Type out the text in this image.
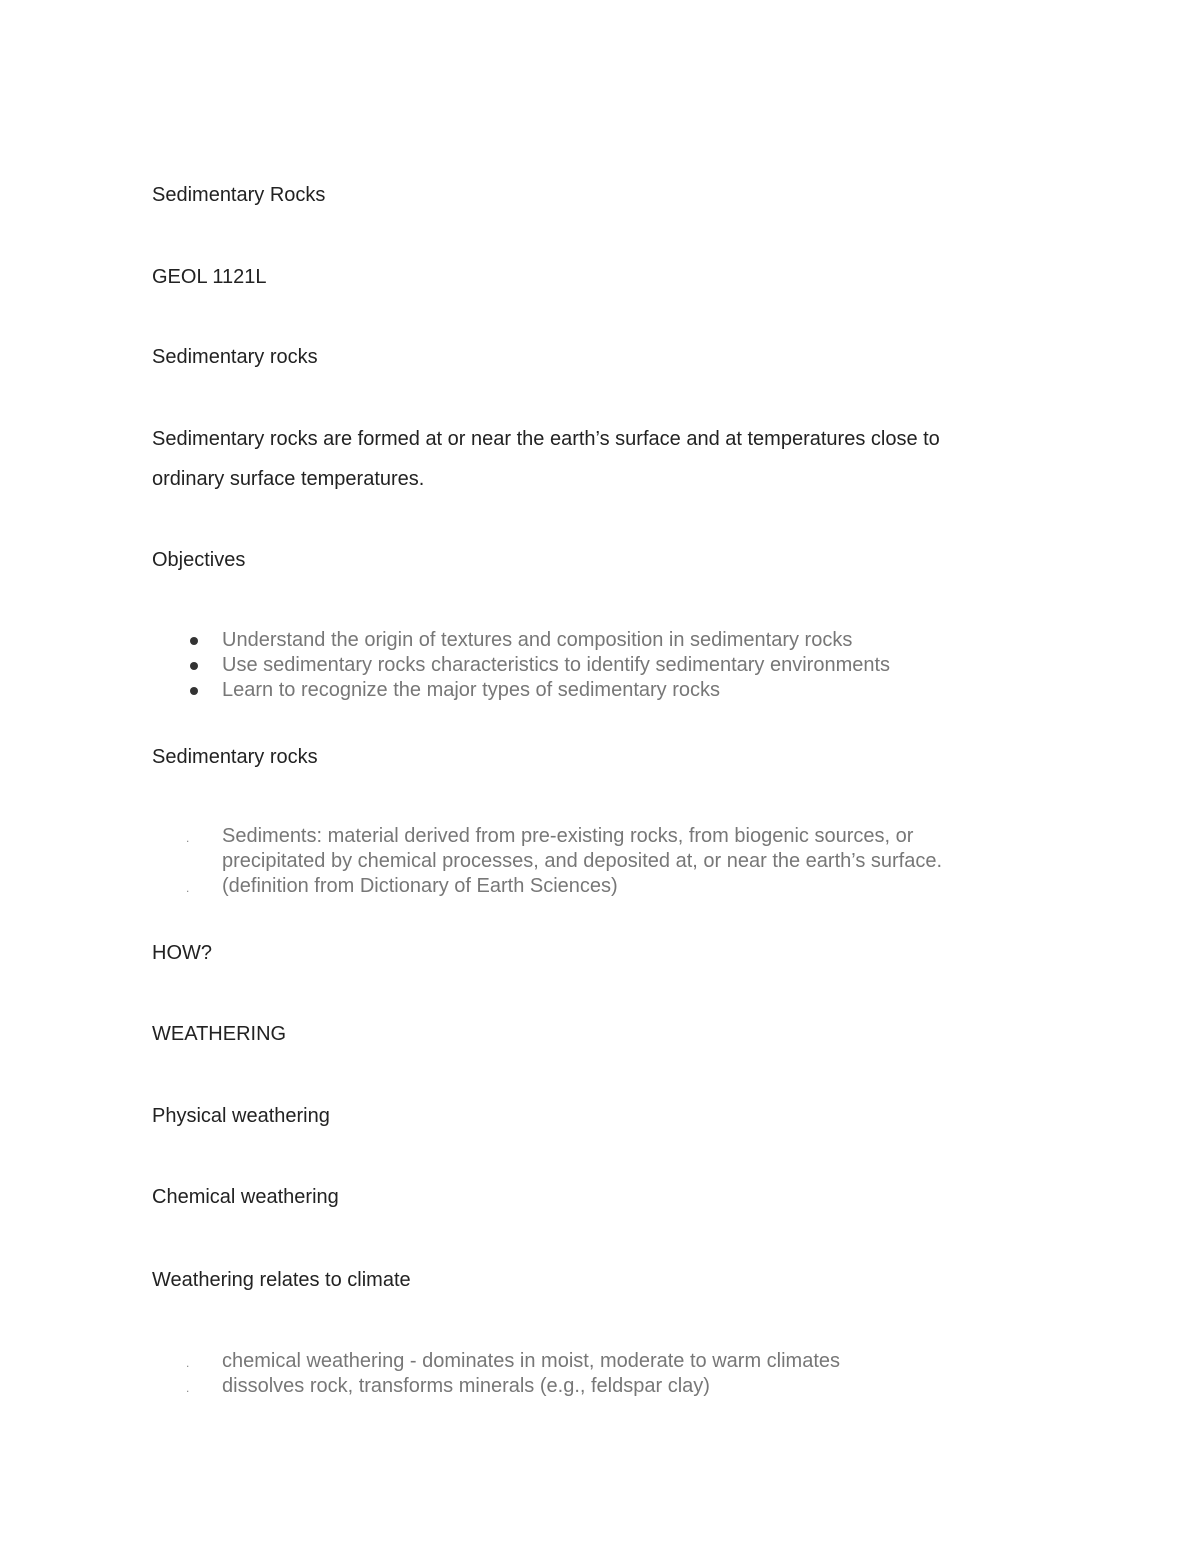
Sedimentary Rocks
GEOL 1121L
Sedimentary rocks
Sedimentary rocks are formed at or near the earth’s surface and at temperatures close to
ordinary surface temperatures.
Objectives
Understand the origin of textures and composition in sedimentary rocks
Use sedimentary rocks characteristics to identify sedimentary environments
Learn to recognize the major types of sedimentary rocks
Sedimentary rocks
. Sediments: material derived from pre-existing rocks, from biogenic sources, or
precipitated by chemical processes, and deposited at, or near the earth’s surface.
. (definition from Dictionary of Earth Sciences)
HOW?
WEATHERING
Physical weathering
Chemical weathering
Weathering relates to climate
. chemical weathering - dominates in moist, moderate to warm climates
. dissolves rock, transforms minerals (e.g., feldspar clay)
